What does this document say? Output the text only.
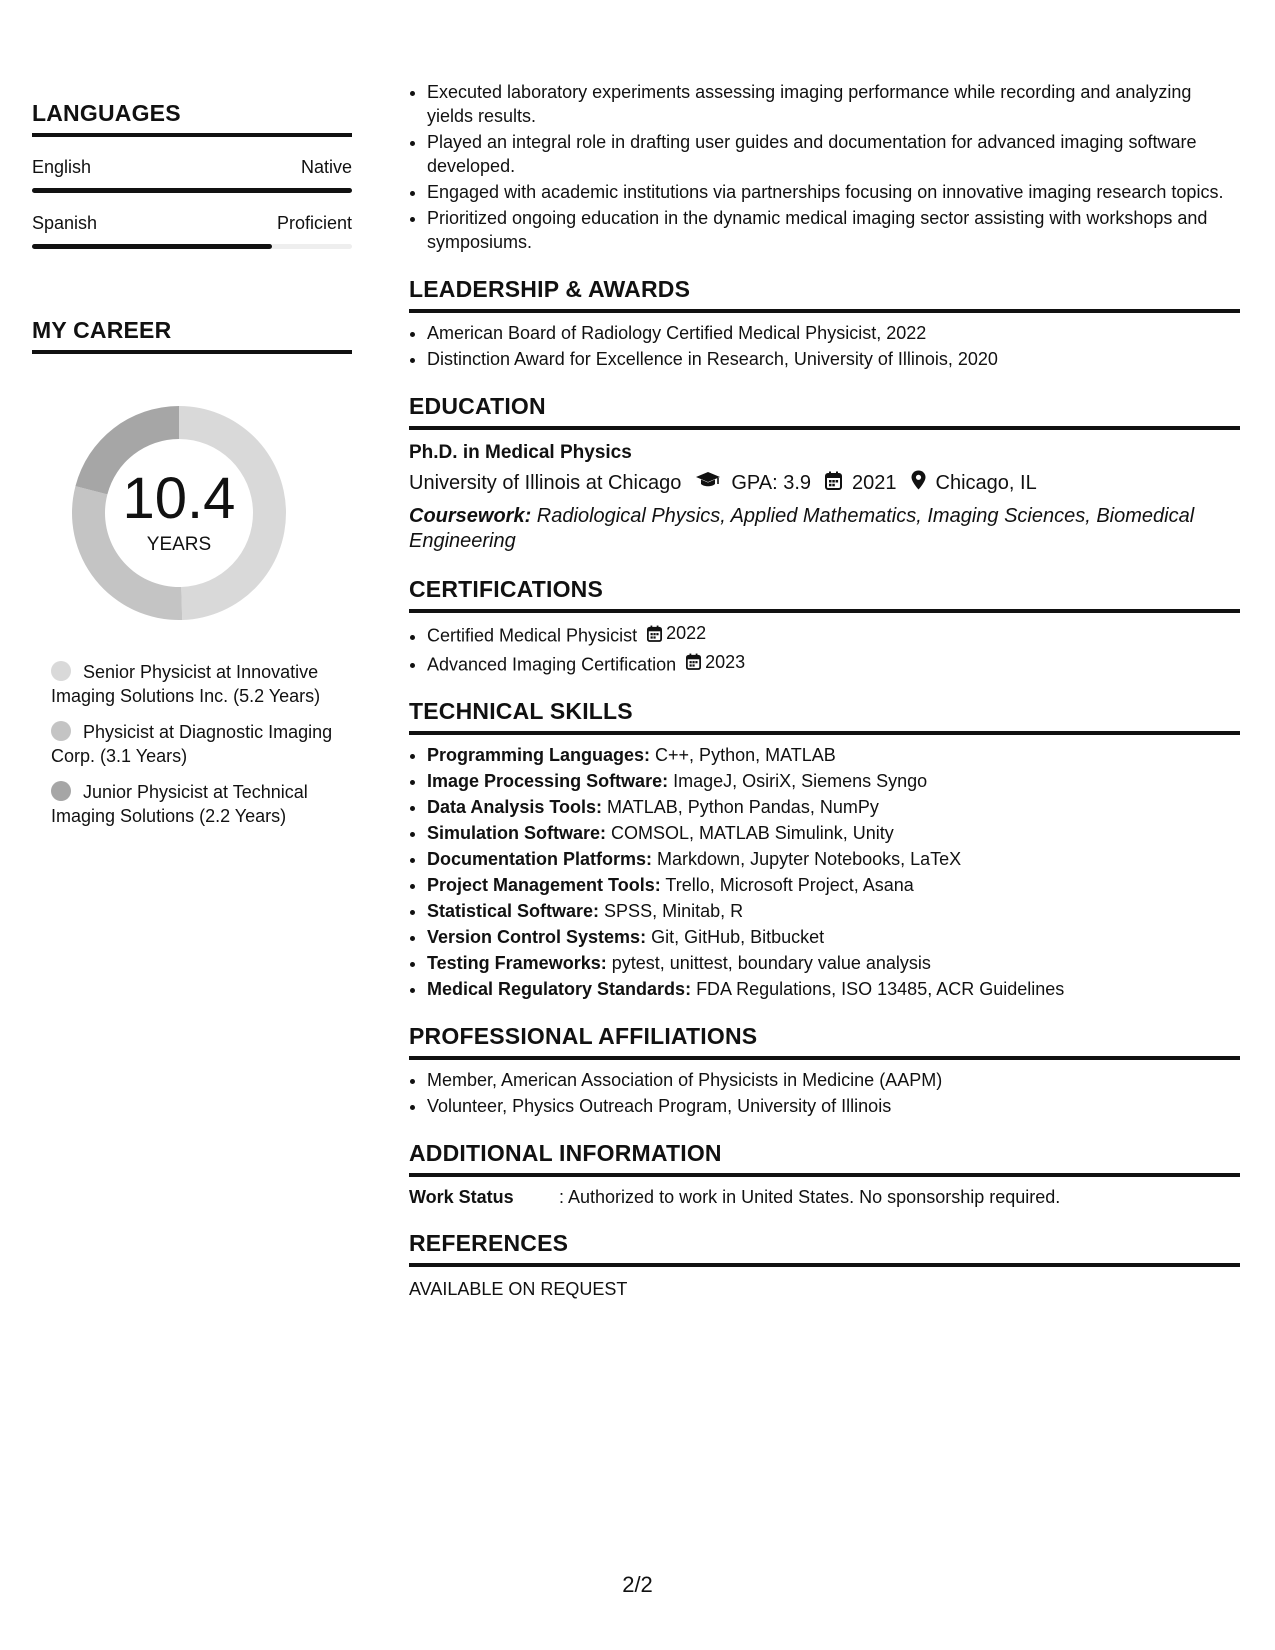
LANGUAGES
English	Native
Spanish	Proficient
MY CAREER
10.4
YEARS
Senior Physicist at Innovative Imaging Solutions Inc. (5.2 Years)
Physicist at Diagnostic Imaging Corp. (3.1 Years)
Junior Physicist at Technical Imaging Solutions (2.2 Years)
• Executed laboratory experiments assessing imaging performance while recording and analyzing yields results.
• Played an integral role in drafting user guides and documentation for advanced imaging software developed.
• Engaged with academic institutions via partnerships focusing on innovative imaging research topics.
• Prioritized ongoing education in the dynamic medical imaging sector assisting with workshops and symposiums.
LEADERSHIP & AWARDS
• American Board of Radiology Certified Medical Physicist, 2022
• Distinction Award for Excellence in Research, University of Illinois, 2020
EDUCATION
Ph.D. in Medical Physics
University of Illinois at Chicago	GPA: 3.9 2021 Chicago, IL
Coursework: Radiological Physics, Applied Mathematics, Imaging Sciences, Biomedical Engineering
CERTIFICATIONS
• Certified Medical Physicist 2022
• Advanced Imaging Certification 2023
TECHNICAL SKILLS
• Programming Languages: C++, Python, MATLAB
• Image Processing Software: ImageJ, OsiriX, Siemens Syngo
• Data Analysis Tools: MATLAB, Python Pandas, NumPy
• Simulation Software: COMSOL, MATLAB Simulink, Unity
• Documentation Platforms: Markdown, Jupyter Notebooks, LaTeX
• Project Management Tools: Trello, Microsoft Project, Asana
• Statistical Software: SPSS, Minitab, R
• Version Control Systems: Git, GitHub, Bitbucket
• Testing Frameworks: pytest, unittest, boundary value analysis
• Medical Regulatory Standards: FDA Regulations, ISO 13485, ACR Guidelines
PROFESSIONAL AFFILIATIONS
• Member, American Association of Physicists in Medicine (AAPM)
• Volunteer, Physics Outreach Program, University of Illinois
ADDITIONAL INFORMATION
Work Status	: Authorized to work in United States. No sponsorship required.
REFERENCES
AVAILABLE ON REQUEST
2/2
